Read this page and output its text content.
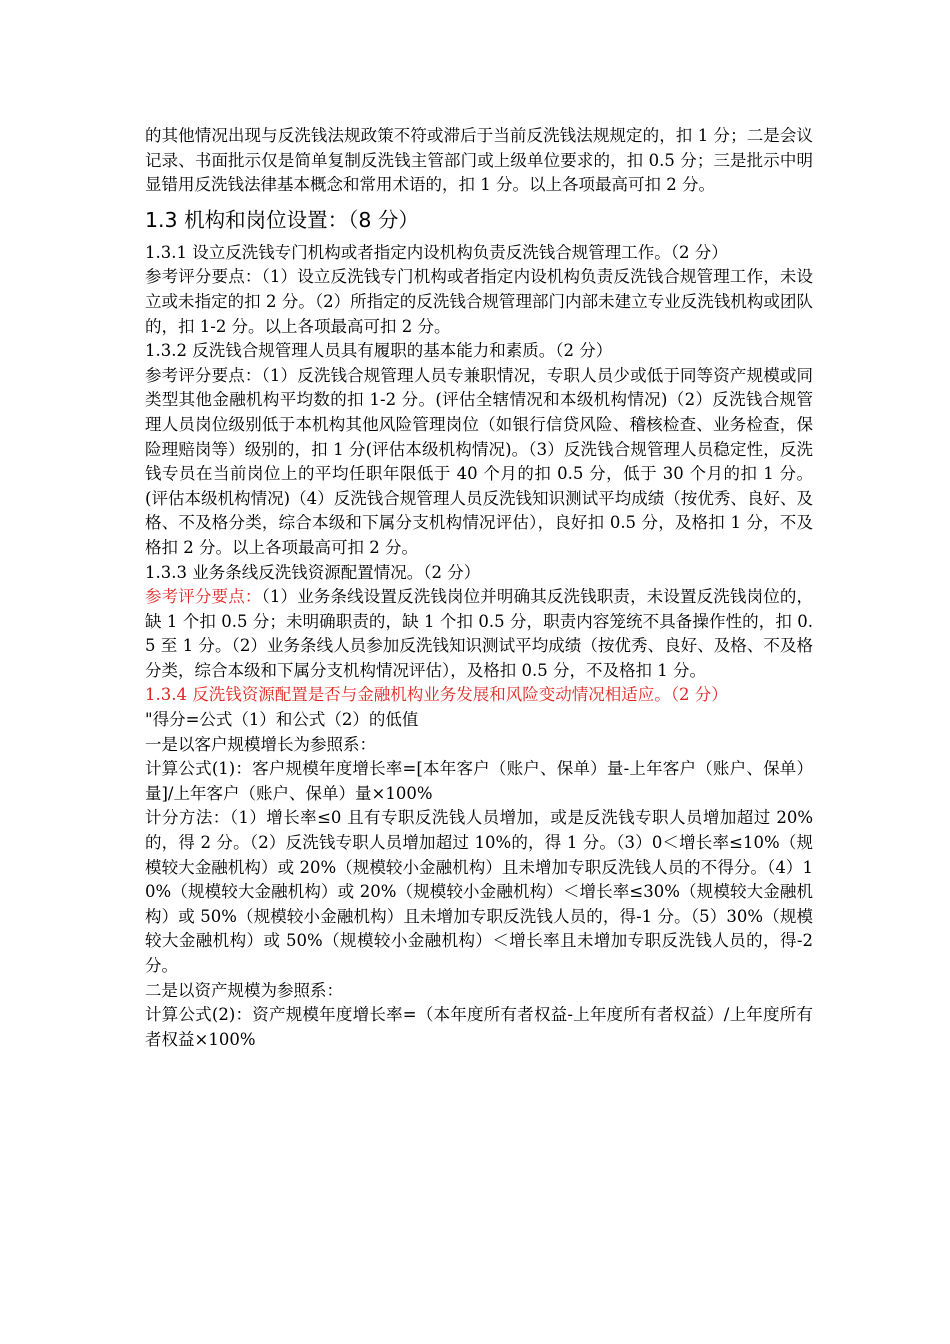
的其他情况出现与反洗钱法规政策不符或滞后于当前反洗钱法规规定的，扣 1 分；二是会议记录、书面批示仅是简单复制反洗钱主管部门或上级单位要求的，扣 0.5 分；三是批示中明显错用反洗钱法律基本概念和常用术语的，扣 1 分。以上各项最高可扣 2 分。

1.3 机构和岗位设置：（8 分）

1.3.1 设立反洗钱专门机构或者指定内设机构负责反洗钱合规管理工作。（2 分）

参考评分要点：（1）设立反洗钱专门机构或者指定内设机构负责反洗钱合规管理工作，未设立或未指定的扣 2 分。（2）所指定的反洗钱合规管理部门内部未建立专业反洗钱机构或团队的，扣 1-2 分。以上各项最高可扣 2 分。

1.3.2 反洗钱合规管理人员具有履职的基本能力和素质。（2 分）

参考评分要点：（1）反洗钱合规管理人员专兼职情况，专职人员少或低于同等资产规模或同类型其他金融机构平均数的扣 1-2 分。(评估全辖情况和本级机构情况)（2）反洗钱合规管理人员岗位级别低于本机构其他风险管理岗位（如银行信贷风险、稽核检查、业务检查，保险理赔岗等）级别的，扣 1 分(评估本级机构情况)。（3）反洗钱合规管理人员稳定性，反洗钱专员在当前岗位上的平均任职年限低于 40 个月的扣 0.5 分，低于 30 个月的扣 1 分。(评估本级机构情况)（4）反洗钱合规管理人员反洗钱知识测试平均成绩（按优秀、良好、及格、不及格分类，综合本级和下属分支机构情况评估），良好扣 0.5 分，及格扣 1 分，不及格扣 2 分。以上各项最高可扣 2 分。

1.3.3 业务条线反洗钱资源配置情况。（2 分）

参考评分要点：（1）业务条线设置反洗钱岗位并明确其反洗钱职责，未设置反洗钱岗位的，缺 1 个扣 0.5 分；未明确职责的，缺 1 个扣 0.5 分，职责内容笼统不具备操作性的，扣 0.5 至 1 分。（2）业务条线人员参加反洗钱知识测试平均成绩（按优秀、良好、及格、不及格分类，综合本级和下属分支机构情况评估），及格扣 0.5 分，不及格扣 1 分。

1.3.4 反洗钱资源配置是否与金融机构业务发展和风险变动情况相适应。（2 分）

"得分=公式（1）和公式（2）的低值

一是以客户规模增长为参照系：

计算公式(1)：客户规模年度增长率=[本年客户（账户、保单）量-上年客户（账户、保单）量]/上年客户（账户、保单）量×100%

计分方法：（1）增长率≤0 且有专职反洗钱人员增加，或是反洗钱专职人员增加超过 20%的，得 2 分。（2）反洗钱专职人员增加超过 10%的，得 1 分。（3）0＜增长率≤10%（规模较大金融机构）或 20%（规模较小金融机构）且未增加专职反洗钱人员的不得分。（4）10%（规模较大金融机构）或 20%（规模较小金融机构）＜增长率≤30%（规模较大金融机构）或 50%（规模较小金融机构）且未增加专职反洗钱人员的，得-1 分。（5）30%（规模较大金融机构）或 50%（规模较小金融机构）＜增长率且未增加专职反洗钱人员的，得-2 分。

二是以资产规模为参照系：

计算公式(2)：资产规模年度增长率=（本年度所有者权益-上年度所有者权益）/上年度所有者权益×100%
